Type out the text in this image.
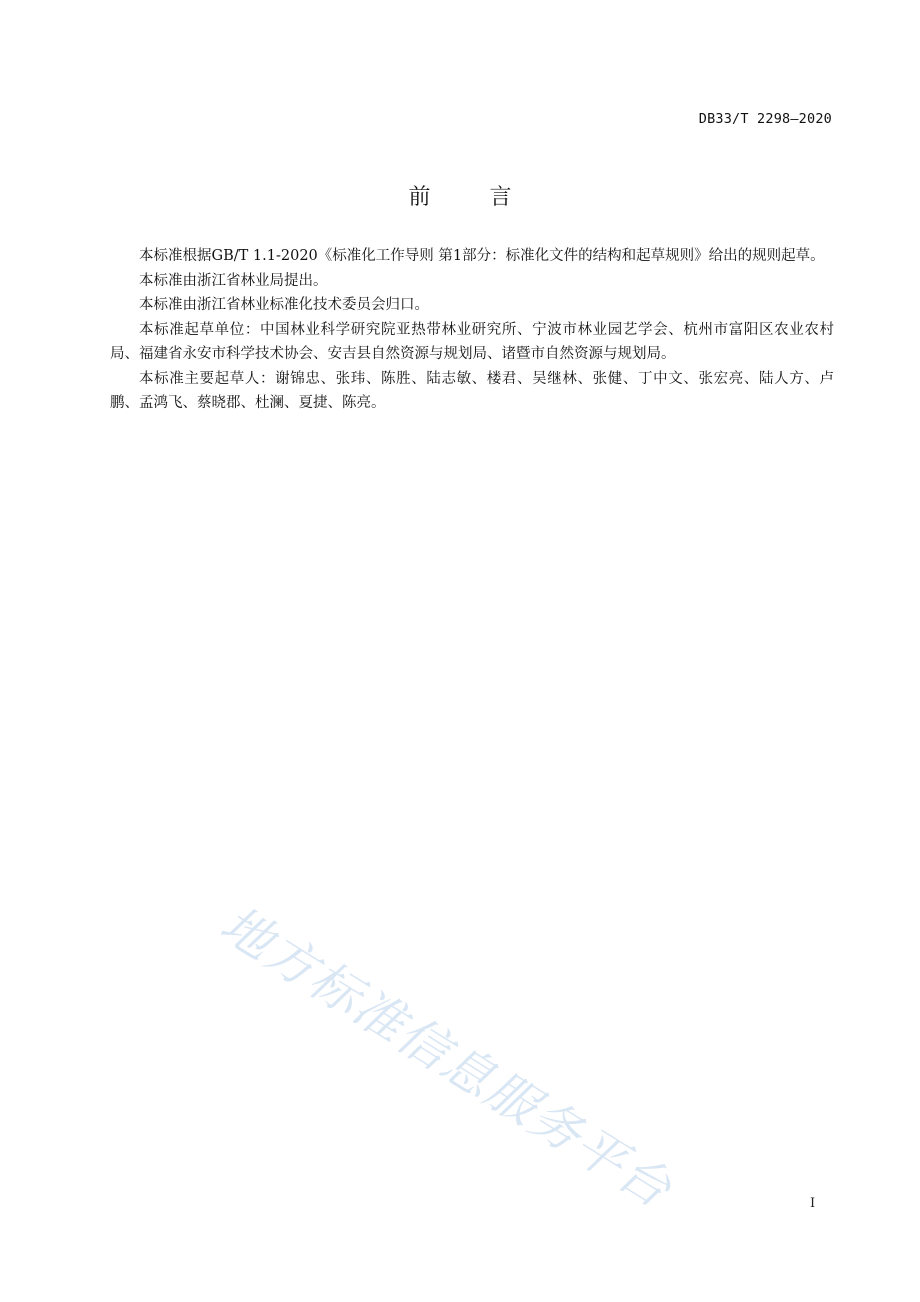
DB33/T 2298—2020
前 言

本标准根据GB/T 1.1-2020《标准化工作导则 第1部分：标准化文件的结构和起草规则》给出的规则起草。

本标准由浙江省林业局提出。

本标准由浙江省林业标准化技术委员会归口。

本标准起草单位：中国林业科学研究院亚热带林业研究所、宁波市林业园艺学会、杭州市富阳区农业农村局、福建省永安市科学技术协会、安吉县自然资源与规划局、诸暨市自然资源与规划局。

本标准主要起草人：谢锦忠、张玮、陈胜、陆志敏、楼君、吴继林、张健、丁中文、张宏亮、陆人方、卢鹏、孟鸿飞、蔡晓郡、杜澜、夏捷、陈亮。

地方标准信息服务平台	I
